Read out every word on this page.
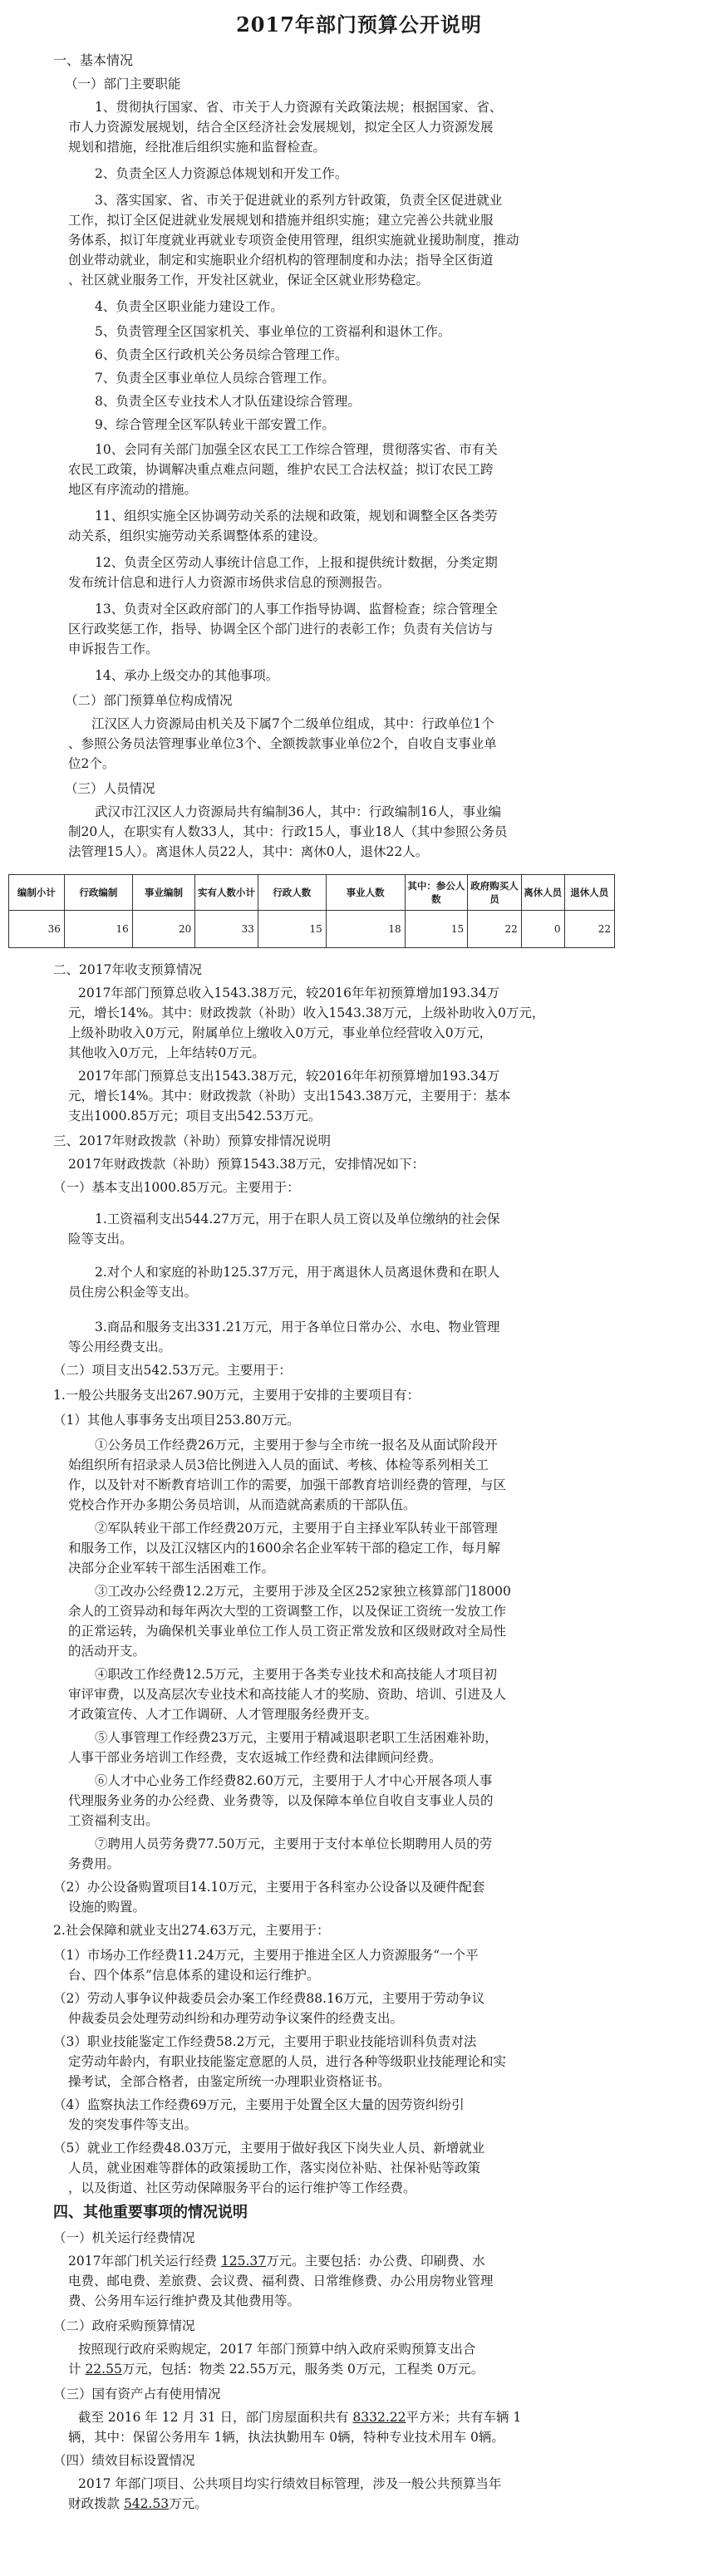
2017年部门预算公开说明
一、基本情况
（一）部门主要职能
1、贯彻执行国家、省、市关于人力资源有关政策法规；根据国家、省、
市人力资源发展规划，结合全区经济社会发展规划，拟定全区人力资源发展
规划和措施，经批准后组织实施和监督检查。
2、负责全区人力资源总体规划和开发工作。
3、落实国家、省、市关于促进就业的系列方针政策，负责全区促进就业
工作，拟订全区促进就业发展规划和措施并组织实施；建立完善公共就业服
务体系，拟订年度就业再就业专项资金使用管理，组织实施就业援助制度，推动
创业带动就业，制定和实施职业介绍机构的管理制度和办法；指导全区街道
、社区就业服务工作，开发社区就业，保证全区就业形势稳定。
4、负责全区职业能力建设工作。
5、负责管理全区国家机关、事业单位的工资福利和退休工作。
6、负责全区行政机关公务员综合管理工作。
7、负责全区事业单位人员综合管理工作。
8、负责全区专业技术人才队伍建设综合管理。
9、综合管理全区军队转业干部安置工作。
10、会同有关部门加强全区农民工工作综合管理，贯彻落实省、市有关
农民工政策，协调解决重点难点问题，维护农民工合法权益；拟订农民工跨
地区有序流动的措施。
11、组织实施全区协调劳动关系的法规和政策，规划和调整全区各类劳
动关系，组织实施劳动关系调整体系的建设。
12、负责全区劳动人事统计信息工作，上报和提供统计数据，分类定期
发布统计信息和进行人力资源市场供求信息的预测报告。
13、负责对全区政府部门的人事工作指导协调、监督检查；综合管理全
区行政奖惩工作，指导、协调全区个部门进行的表彰工作；负责有关信访与
申诉报告工作。
14、承办上级交办的其他事项。
（二）部门预算单位构成情况
江汉区人力资源局由机关及下属7个二级单位组成，其中：行政单位1个
、参照公务员法管理事业单位3个、全额拨款事业单位2个，自收自支事业单
位2个。
（三）人员情况
武汉市江汉区人力资源局共有编制36人，其中：行政编制16人，事业编
制20人，在职实有人数33人，其中：行政15人，事业18人（其中参照公务员
法管理15人）。离退休人员22人，其中：离休0人，退休22人。
二、2017年收支预算情况
2017年部门预算总收入1543.38万元，较2016年年初预算增加193.34万
元，增长14%。其中：财政拨款（补助）收入1543.38万元，上级补助收入0万元，
上级补助收入0万元，附属单位上缴收入0万元，事业单位经营收入0万元，
其他收入0万元，上年结转0万元。
2017年部门预算总支出1543.38万元，较2016年年初预算增加193.34万
元，增长14%。其中：财政拨款（补助）支出1543.38万元，主要用于：基本
支出1000.85万元；项目支出542.53万元。
三、2017年财政拨款（补助）预算安排情况说明
2017年财政拨款（补助）预算1543.38万元，安排情况如下：
（一）基本支出1000.85万元。主要用于：
1.工资福利支出544.27万元，用于在职人员工资以及单位缴纳的社会保
险等支出。
2.对个人和家庭的补助125.37万元，用于离退休人员离退休费和在职人
员住房公积金等支出。
3.商品和服务支出331.21万元，用于各单位日常办公、水电、物业管理
等公用经费支出。
（二）项目支出542.53万元。主要用于：
1.一般公共服务支出267.90万元，主要用于安排的主要项目有：
（1）其他人事事务支出项目253.80万元。
①公务员工作经费26万元，主要用于参与全市统一报名及从面试阶段开
始组织所有招录录人员3倍比例进入人员的面试、考核、体检等系列相关工
作，以及针对不断教育培训工作的需要，加强干部教育培训经费的管理，与区
党校合作开办多期公务员培训，从而造就高素质的干部队伍。
②军队转业干部工作经费20万元，主要用于自主择业军队转业干部管理
和服务工作，以及江汉辖区内的1600余名企业军转干部的稳定工作，每月解
决部分企业军转干部生活困难工作。
③工改办公经费12.2万元，主要用于涉及全区252家独立核算部门18000
余人的工资异动和每年两次大型的工资调整工作，以及保证工资统一发放工作
的正常运转，为确保机关事业单位工作人员工资正常发放和区级财政对全局性
的活动开支。
④职改工作经费12.5万元，主要用于各类专业技术和高技能人才项目初
审评审费，以及高层次专业技术和高技能人才的奖励、资助、培训、引进及人
才政策宣传、人才工作调研、人才管理服务经费开支。
⑤人事管理工作经费23万元，主要用于精减退职老职工生活困难补助，
人事干部业务培训工作经费，支农返城工作经费和法律顾问经费。
⑥人才中心业务工作经费82.60万元，主要用于人才中心开展各项人事
代理服务业务的办公经费、业务费等，以及保障本单位自收自支事业人员的
工资福利支出。
⑦聘用人员劳务费77.50万元，主要用于支付本单位长期聘用人员的劳
务费用。
（2）办公设备购置项目14.10万元，主要用于各科室办公设备以及硬件配套
设施的购置。
2.社会保障和就业支出274.63万元，主要用于：
（1）市场办工作经费11.24万元，主要用于推进全区人力资源服务“一个平
台、四个体系”信息体系的建设和运行维护。
（2）劳动人事争议仲裁委员会办案工作经费88.16万元，主要用于劳动争议
仲裁委员会处理劳动纠纷和办理劳动争议案件的经费支出。
（3）职业技能鉴定工作经费58.2万元，主要用于职业技能培训科负责对法
定劳动年龄内，有职业技能鉴定意愿的人员，进行各种等级职业技能理论和实
操考试，全部合格者，由鉴定所统一办理职业资格证书。
（4）监察执法工作经费69万元，主要用于处置全区大量的因劳资纠纷引
发的突发事件等支出。
（5）就业工作经费48.03万元，主要用于做好我区下岗失业人员、新增就业
人员，就业困难等群体的政策援助工作，落实岗位补贴、社保补贴等政策
，以及街道、社区劳动保障服务平台的运行维护等工作经费。
四、其他重要事项的情况说明
（一）机关运行经费情况
2017年部门机关运行经费 125.37万元。主要包括：办公费、印刷费、水
电费、邮电费、差旅费、会议费、福利费、日常维修费、办公用房物业管理
费、公务用车运行维护费及其他费用等。
（二）政府采购预算情况
按照现行政府采购规定，2017 年部门预算中纳入政府采购预算支出合
计 22.55万元，包括：物类 22.55万元，服务类 0万元，工程类 0万元。
（三）国有资产占有使用情况
截至 2016 年 12 月 31 日，部门房屋面积共有 8332.22平方米；共有车辆 1
辆，其中：保留公务用车 1辆，执法执勤用车 0辆，特种专业技术用车 0辆。
（四）绩效目标设置情况
2017 年部门项目、公共项目均实行绩效目标管理，涉及一般公共预算当年
财政拨款 542.53万元。
编制小计	行政编制	事业编制	实有人数小计	行政人数	事业人数	其中：参公人数	政府购买人员	离休人员	退休人员
36	16	20	33	15	18	15	22	0	22
